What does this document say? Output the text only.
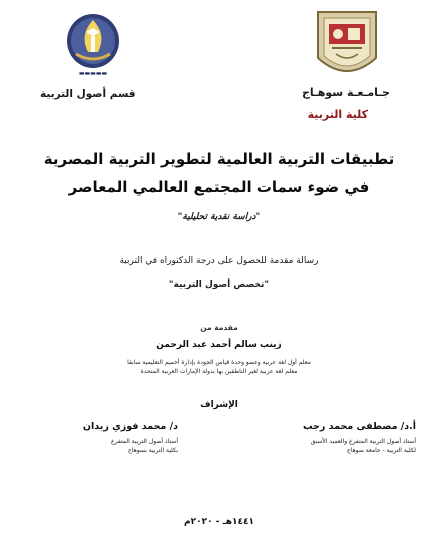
▬▬▬▬▬
جـامـعـة سوهـاج
كلية التربية
قسم أصول التربية
تطبيقات التربية العالمية لتطوير التربية المصرية
في ضوء سمات المجتمع العالمي المعاصر
"دراسة نقدية تحليلية"
رسالة مقدمة للحصول على درجة الدكتوراه في التربية
"تخصص أصول التربية"
مقدمة من
زينب سالم أحمد عبد الرحمن
معلم أول لغة عربية وعضو وحدة قياس الجودة بإدارة أخميم التعليمية سابقا
معلم لغة عربية لغير الناطقين بها بدولة الإمارات العربية المتحدة
الإشراف
أ.د/ مصطفى محمد رجب
أستاذ أصول التربية المتفرغ والعميد الأسبق
لكلية التربية - جامعة سوهاج
د/ محمد فوزي زيدان
أستاذ أصول التربية المتفرغ
بكلية التربية بسوهاج
١٤٤١هـ - ٢٠٢٠م
